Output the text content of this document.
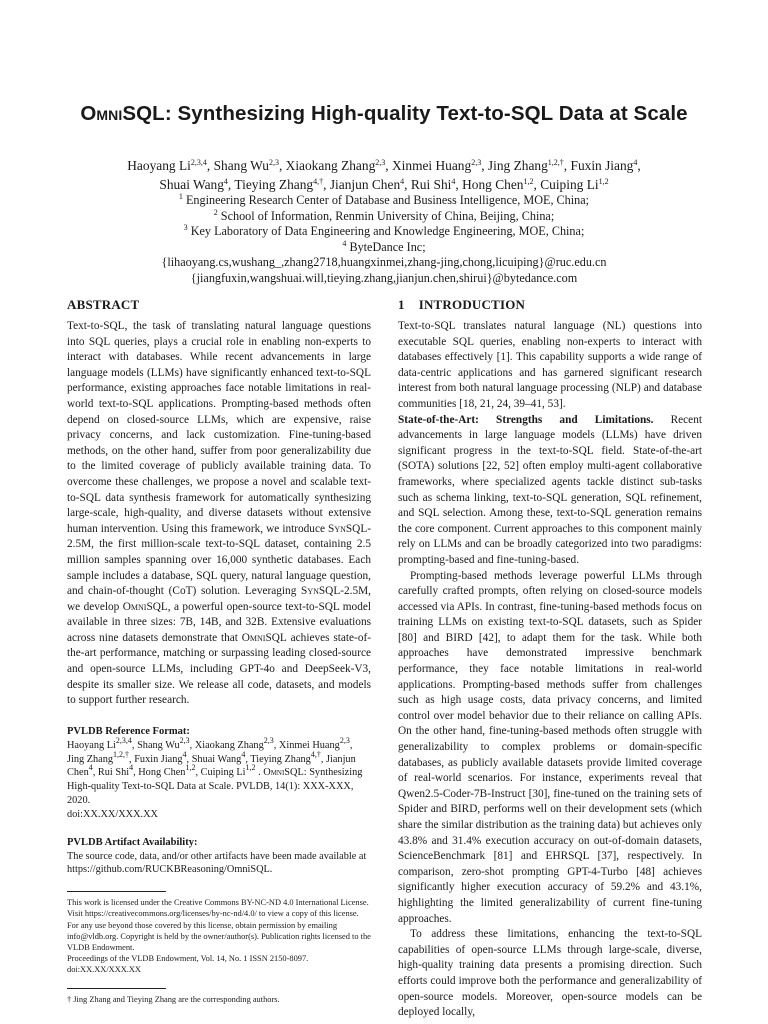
OmniSQL: Synthesizing High-quality Text-to-SQL Data at Scale
Haoyang Li$^{2,3,4}$, Shang Wu$^{2,3}$, Xiaokang Zhang$^{2,3}$, Xinmei Huang$^{2,3}$, Jing Zhang$^{1,2,\dagger}$, Fuxin Jiang$^4$,
Shuai Wang$^4$, Tieying Zhang$^{4,\dagger}$, Jianjun Chen$^4$, Rui Shi$^4$, Hong Chen$^{1,2}$, Cuiping Li$^{1,2}$
$^1$ Engineering Research Center of Database and Business Intelligence, MOE, China;
$^2$ School of Information, Renmin University of China, Beijing, China;
$^3$ Key Laboratory of Data Engineering and Knowledge Engineering, MOE, China;
$^4$ ByteDance Inc;
{lihaoyang.cs,wushang_,zhang2718,huangxinmei,zhang-jing,chong,licuiping}@ruc.edu.cn
{jiangfuxin,wangshuai.will,tieying.zhang,jianjun.chen,shirui}@bytedance.com
ABSTRACT

Text-to-SQL, the task of translating natural language questions into SQL queries, plays a crucial role in enabling non-experts to interact with databases. While recent advancements in large language models (LLMs) have significantly enhanced text-to-SQL performance, existing approaches face notable limitations in real-world text-to-SQL applications. Prompting-based methods often depend on closed-source LLMs, which are expensive, raise privacy concerns, and lack customization. Fine-tuning-based methods, on the other hand, suffer from poor generalizability due to the limited coverage of publicly available training data. To overcome these challenges, we propose a novel and scalable text-to-SQL data synthesis framework for automatically synthesizing large-scale, high-quality, and diverse datasets without extensive human intervention. Using this framework, we introduce SynSQL-2.5M, the first million-scale text-to-SQL dataset, containing 2.5 million samples spanning over 16,000 synthetic databases. Each sample includes a database, SQL query, natural language question, and chain-of-thought (CoT) solution. Leveraging SynSQL-2.5M, we develop OmniSQL, a powerful open-source text-to-SQL model available in three sizes: 7B, 14B, and 32B. Extensive evaluations across nine datasets demonstrate that OmniSQL achieves state-of-the-art performance, matching or surpassing leading closed-source and open-source LLMs, including GPT-4o and DeepSeek-V3, despite its smaller size. We release all code, datasets, and models to support further research.

PVLDB Reference Format:

Haoyang Li$^{2,3,4}$, Shang Wu$^{2,3}$, Xiaokang Zhang$^{2,3}$, Xinmei Huang$^{2,3}$, Jing Zhang$^{1,2,\dagger}$, Fuxin Jiang$^4$, Shuai Wang$^4$, Tieying Zhang$^{4,\dagger}$, Jianjun Chen$^4$, Rui Shi$^4$, Hong Chen$^{1,2}$, Cuiping Li$^{1,2}$ . OmniSQL: Synthesizing High-quality Text-to-SQL Data at Scale. PVLDB, 14(1): XXX-XXX, 2020.
doi:XX.XX/XXX.XX

PVLDB Artifact Availability:

The source code, data, and/or other artifacts have been made available at https://github.com/RUCKBReasoning/OmniSQL.

This work is licensed under the Creative Commons BY-NC-ND 4.0 International License. Visit https://creativecommons.org/licenses/by-nc-nd/4.0/ to view a copy of this license. For any use beyond those covered by this license, obtain permission by emailing info@vldb.org. Copyright is held by the owner/author(s). Publication rights licensed to the VLDB Endowment.
Proceedings of the VLDB Endowment, Vol. 14, No. 1 ISSN 2150-8097.
doi:XX.XX/XXX.XX

† Jing Zhang and Tieying Zhang are the corresponding authors.

1 INTRODUCTION

Text-to-SQL translates natural language (NL) questions into executable SQL queries, enabling non-experts to interact with databases effectively [1]. This capability supports a wide range of data-centric applications and has garnered significant research interest from both natural language processing (NLP) and database communities [18, 21, 24, 39–41, 53].

State-of-the-Art: Strengths and Limitations. Recent advancements in large language models (LLMs) have driven significant progress in the text-to-SQL field. State-of-the-art (SOTA) solutions [22, 52] often employ multi-agent collaborative frameworks, where specialized agents tackle distinct sub-tasks such as schema linking, text-to-SQL generation, SQL refinement, and SQL selection. Among these, text-to-SQL generation remains the core component. Current approaches to this component mainly rely on LLMs and can be broadly categorized into two paradigms: prompting-based and fine-tuning-based.

Prompting-based methods leverage powerful LLMs through carefully crafted prompts, often relying on closed-source models accessed via APIs. In contrast, fine-tuning-based methods focus on training LLMs on existing text-to-SQL datasets, such as Spider [80] and BIRD [42], to adapt them for the task. While both approaches have demonstrated impressive benchmark performance, they face notable limitations in real-world applications. Prompting-based methods suffer from challenges such as high usage costs, data privacy concerns, and limited control over model behavior due to their reliance on calling APIs. On the other hand, fine-tuning-based methods often struggle with generalizability to complex problems or domain-specific databases, as publicly available datasets provide limited coverage of real-world scenarios. For instance, experiments reveal that Qwen2.5-Coder-7B-Instruct [30], fine-tuned on the training sets of Spider and BIRD, performs well on their development sets (which share the similar distribution as the training data) but achieves only 43.8% and 31.4% execution accuracy on out-of-domain datasets, ScienceBenchmark [81] and EHRSQL [37], respectively. In comparison, zero-shot prompting GPT-4-Turbo [48] achieves significantly higher execution accuracy of 59.2% and 43.1%, highlighting the limited generalizability of current fine-tuning approaches.

To address these limitations, enhancing the text-to-SQL capabilities of open-source LLMs through large-scale, diverse, high-quality training data presents a promising direction. Such efforts could improve both the performance and generalizability of open-source models. Moreover, open-source models can be deployed locally,
